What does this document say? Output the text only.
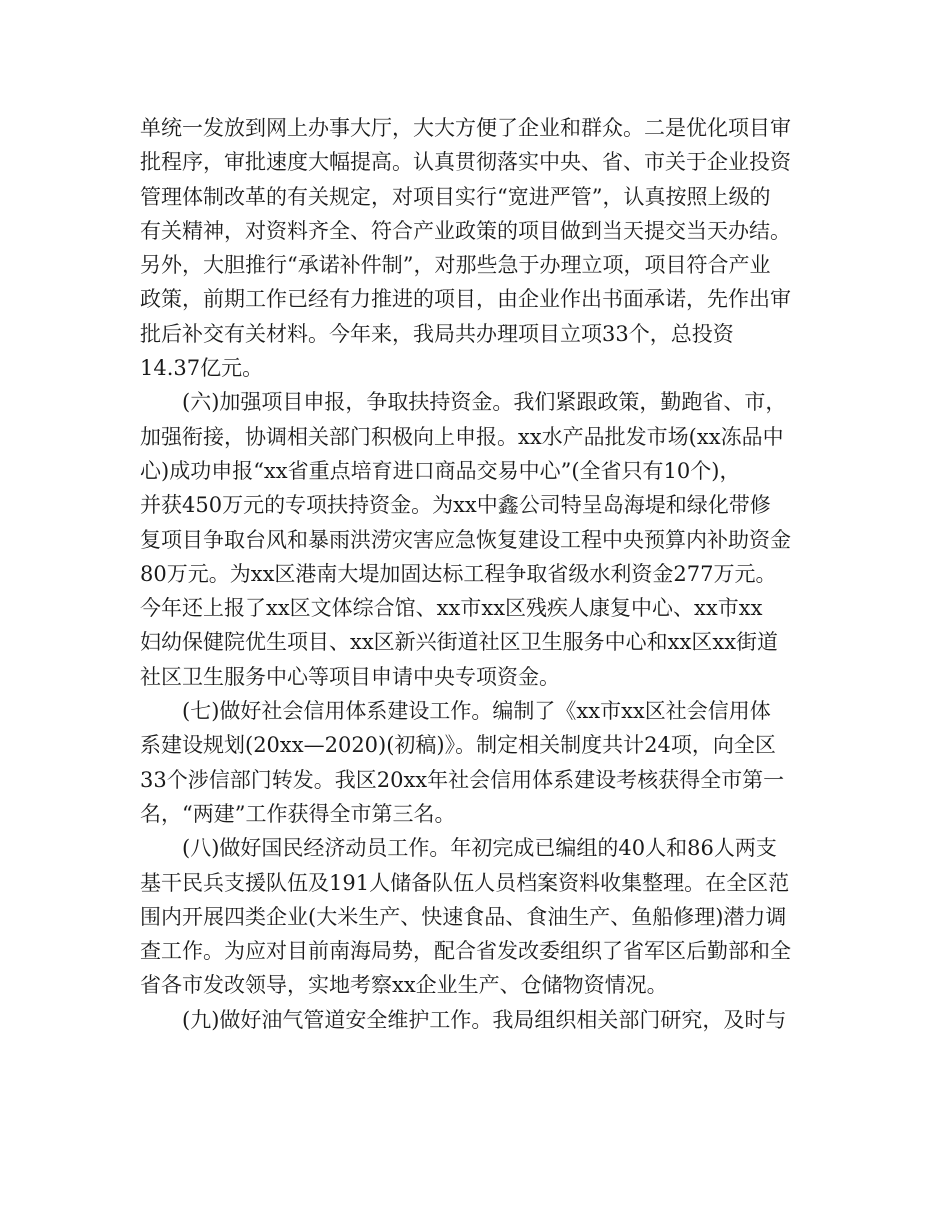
单统一发放到网上办事大厅，大大方便了企业和群众。二是优化项目审
批程序，审批速度大幅提高。认真贯彻落实中央、省、市关于企业投资
管理体制改革的有关规定，对项目实行“宽进严管”，认真按照上级的
有关精神，对资料齐全、符合产业政策的项目做到当天提交当天办结。
另外，大胆推行“承诺补件制”，对那些急于办理立项，项目符合产业
政策，前期工作已经有力推进的项目，由企业作出书面承诺，先作出审
批后补交有关材料。今年来，我局共办理项目立项33个，总投资
14.37亿元。

(六)加强项目申报，争取扶持资金。我们紧跟政策，勤跑省、市，
加强衔接，协调相关部门积极向上申报。xx水产品批发市场(xx冻品中
心)成功申报“xx省重点培育进口商品交易中心”(全省只有10个)，
并获450万元的专项扶持资金。为xx中鑫公司特呈岛海堤和绿化带修
复项目争取台风和暴雨洪涝灾害应急恢复建设工程中央预算内补助资金
80万元。为xx区港南大堤加固达标工程争取省级水利资金277万元。
今年还上报了xx区文体综合馆、xx市xx区残疾人康复中心、xx市xx
妇幼保健院优生项目、xx区新兴街道社区卫生服务中心和xx区xx街道
社区卫生服务中心等项目申请中央专项资金。

(七)做好社会信用体系建设工作。编制了《xx市xx区社会信用体
系建设规划(20xx—2020)(初稿)》。制定相关制度共计24项，向全区
33个涉信部门转发。我区20xx年社会信用体系建设考核获得全市第一
名，“两建”工作获得全市第三名。

(八)做好国民经济动员工作。年初完成已编组的40人和86人两支
基干民兵支援队伍及191人储备队伍人员档案资料收集整理。在全区范
围内开展四类企业(大米生产、快速食品、食油生产、鱼船修理)潜力调
查工作。为应对目前南海局势，配合省发改委组织了省军区后勤部和全
省各市发改领导，实地考察xx企业生产、仓储物资情况。

(九)做好油气管道安全维护工作。我局组织相关部门研究，及时与
